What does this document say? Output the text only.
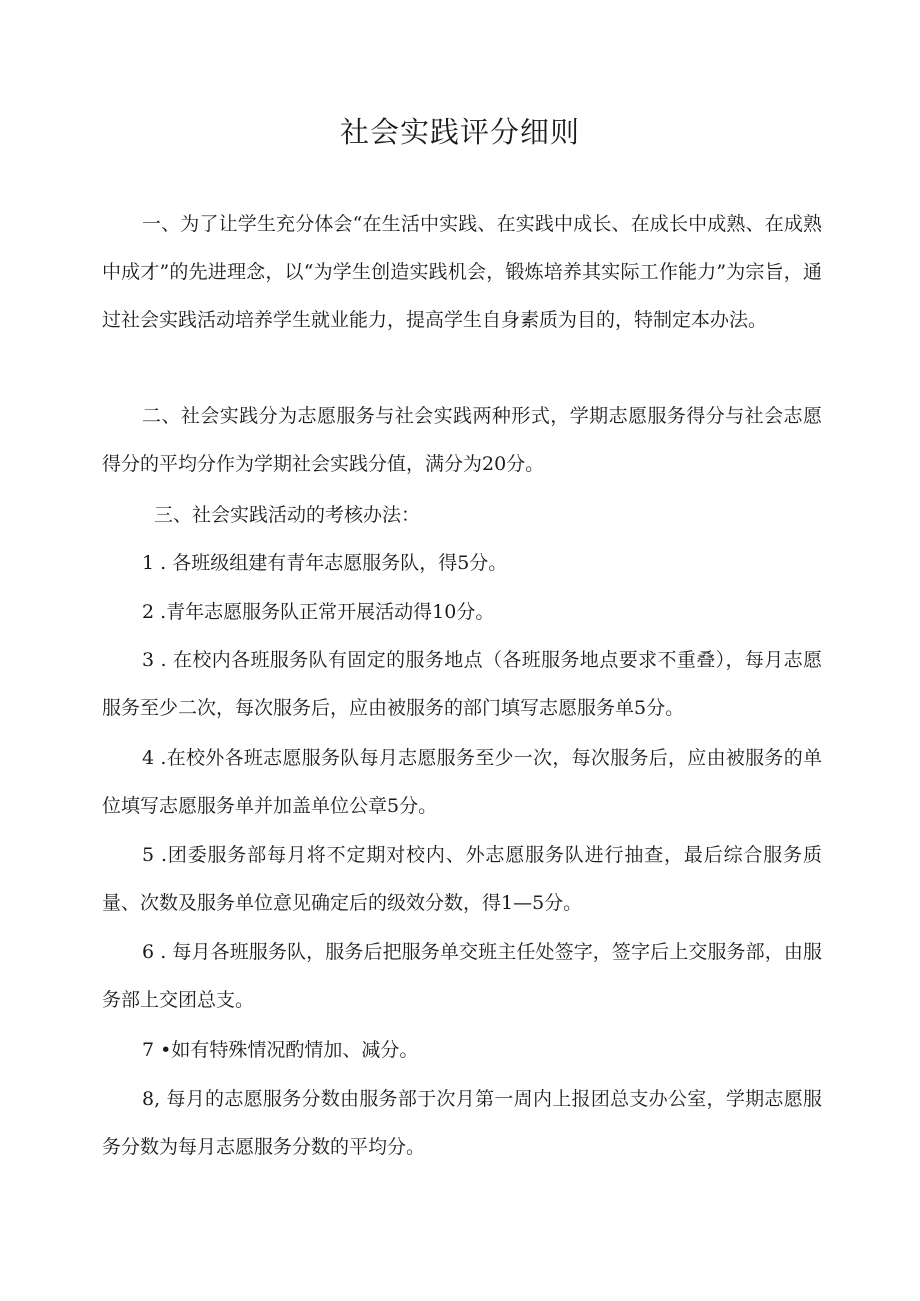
社会实践评分细则

一、为了让学生充分体会“在生活中实践、在实践中成长、在成长中成熟、在成熟中成才”的先进理念，以“为学生创造实践机会，锻炼培养其实际工作能力”为宗旨，通过社会实践活动培养学生就业能力，提高学生自身素质为目的，特制定本办法。

二、社会实践分为志愿服务与社会实践两种形式，学期志愿服务得分与社会志愿得分的平均分作为学期社会实践分值，满分为20分。

三、社会实践活动的考核办法：

1 . 各班级组建有青年志愿服务队，得5分。

2 .青年志愿服务队正常开展活动得10分。

3 . 在校内各班服务队有固定的服务地点（各班服务地点要求不重叠），每月志愿服务至少二次，每次服务后，应由被服务的部门填写志愿服务单5分。

4 .在校外各班志愿服务队每月志愿服务至少一次，每次服务后，应由被服务的单位填写志愿服务单并加盖单位公章5分。

5 .团委服务部每月将不定期对校内、外志愿服务队进行抽查，最后综合服务质量、次数及服务单位意见确定后的级效分数，得1—5分。

6 . 每月各班服务队，服务后把服务单交班主任处签字，签字后上交服务部，由服务部上交团总支。

7 •如有特殊情况酌情加、减分。

8, 每月的志愿服务分数由服务部于次月第一周内上报团总支办公室，学期志愿服务分数为每月志愿服务分数的平均分。
